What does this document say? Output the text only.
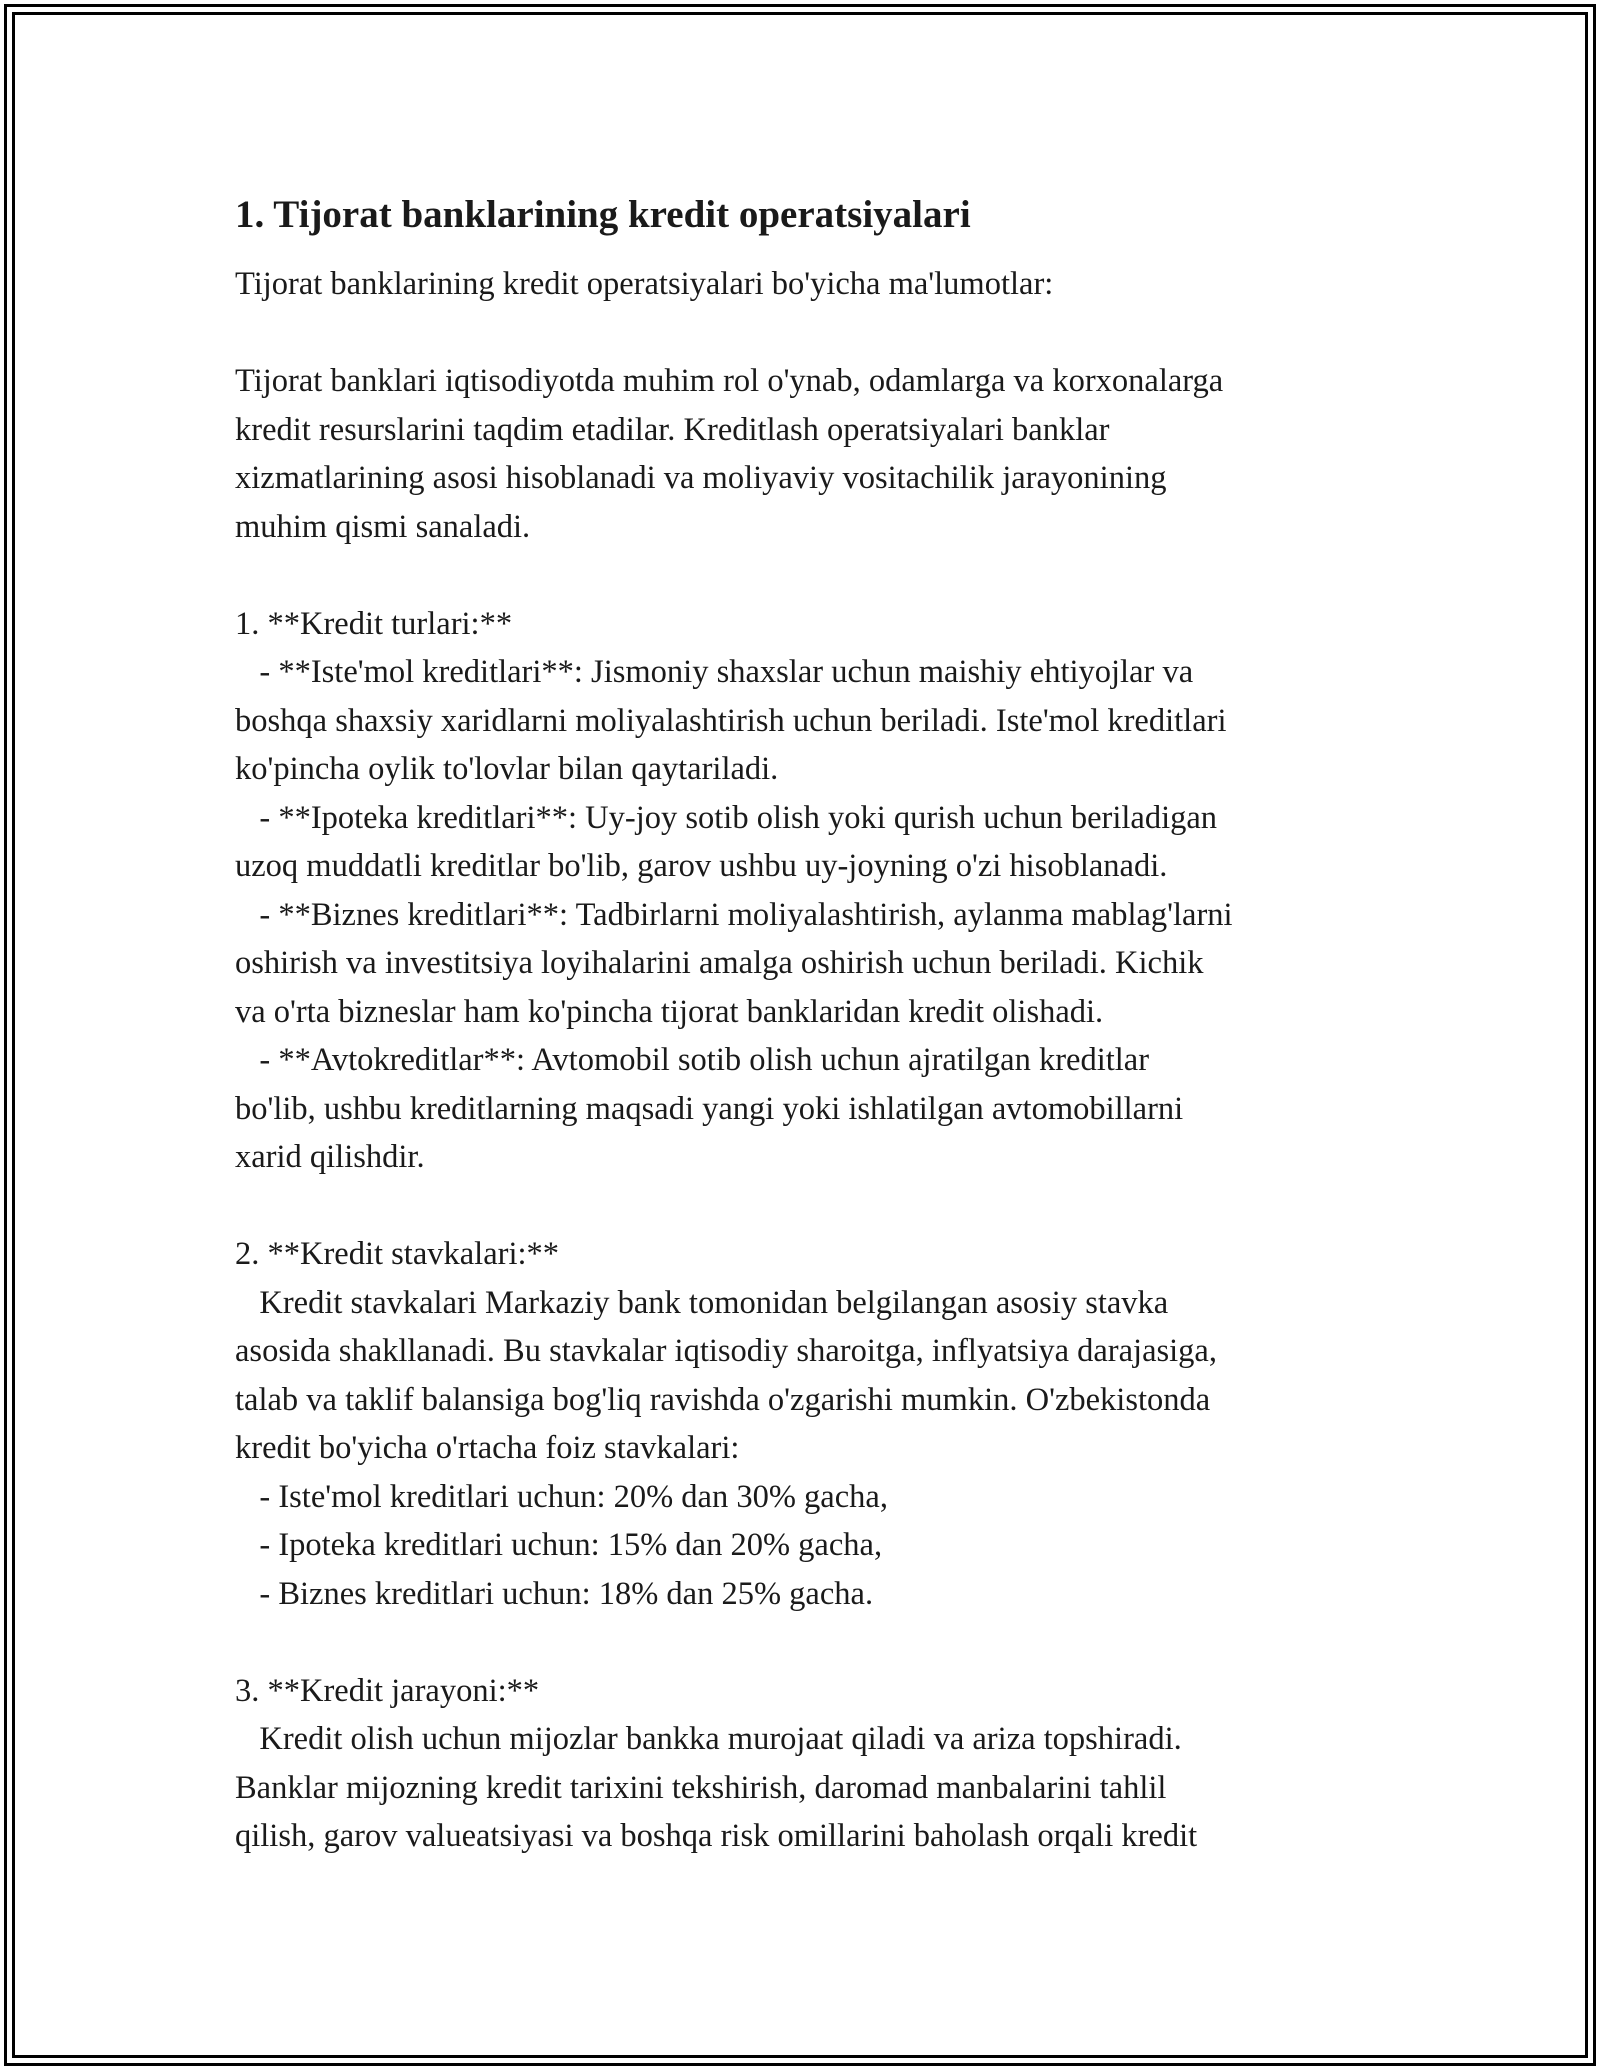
1. Tijorat banklarining kredit operatsiyalari
Tijorat banklarining kredit operatsiyalari bo'yicha ma'lumotlar:

Tijorat banklari iqtisodiyotda muhim rol o'ynab, odamlarga va korxonalarga
kredit resurslarini taqdim etadilar. Kreditlash operatsiyalari banklar
xizmatlarining asosi hisoblanadi va moliyaviy vositachilik jarayonining
muhim qismi sanaladi.

1. **Kredit turlari:**
- **Iste'mol kreditlari**: Jismoniy shaxslar uchun maishiy ehtiyojlar va
boshqa shaxsiy xaridlarni moliyalashtirish uchun beriladi. Iste'mol kreditlari
ko'pincha oylik to'lovlar bilan qaytariladi.
- **Ipoteka kreditlari**: Uy-joy sotib olish yoki qurish uchun beriladigan
uzoq muddatli kreditlar bo'lib, garov ushbu uy-joyning o'zi hisoblanadi.
- **Biznes kreditlari**: Tadbirlarni moliyalashtirish, aylanma mablag'larni
oshirish va investitsiya loyihalarini amalga oshirish uchun beriladi. Kichik
va o'rta bizneslar ham ko'pincha tijorat banklaridan kredit olishadi.
- **Avtokreditlar**: Avtomobil sotib olish uchun ajratilgan kreditlar
bo'lib, ushbu kreditlarning maqsadi yangi yoki ishlatilgan avtomobillarni
xarid qilishdir.

2. **Kredit stavkalari:**
Kredit stavkalari Markaziy bank tomonidan belgilangan asosiy stavka
asosida shakllanadi. Bu stavkalar iqtisodiy sharoitga, inflyatsiya darajasiga,
talab va taklif balansiga bog'liq ravishda o'zgarishi mumkin. O'zbekistonda
kredit bo'yicha o'rtacha foiz stavkalari:
- Iste'mol kreditlari uchun: 20% dan 30% gacha,
- Ipoteka kreditlari uchun: 15% dan 20% gacha,
- Biznes kreditlari uchun: 18% dan 25% gacha.

3. **Kredit jarayoni:**
Kredit olish uchun mijozlar bankka murojaat qiladi va ariza topshiradi.
Banklar mijozning kredit tarixini tekshirish, daromad manbalarini tahlil
qilish, garov valueatsiyasi va boshqa risk omillarini baholash orqali kredit
